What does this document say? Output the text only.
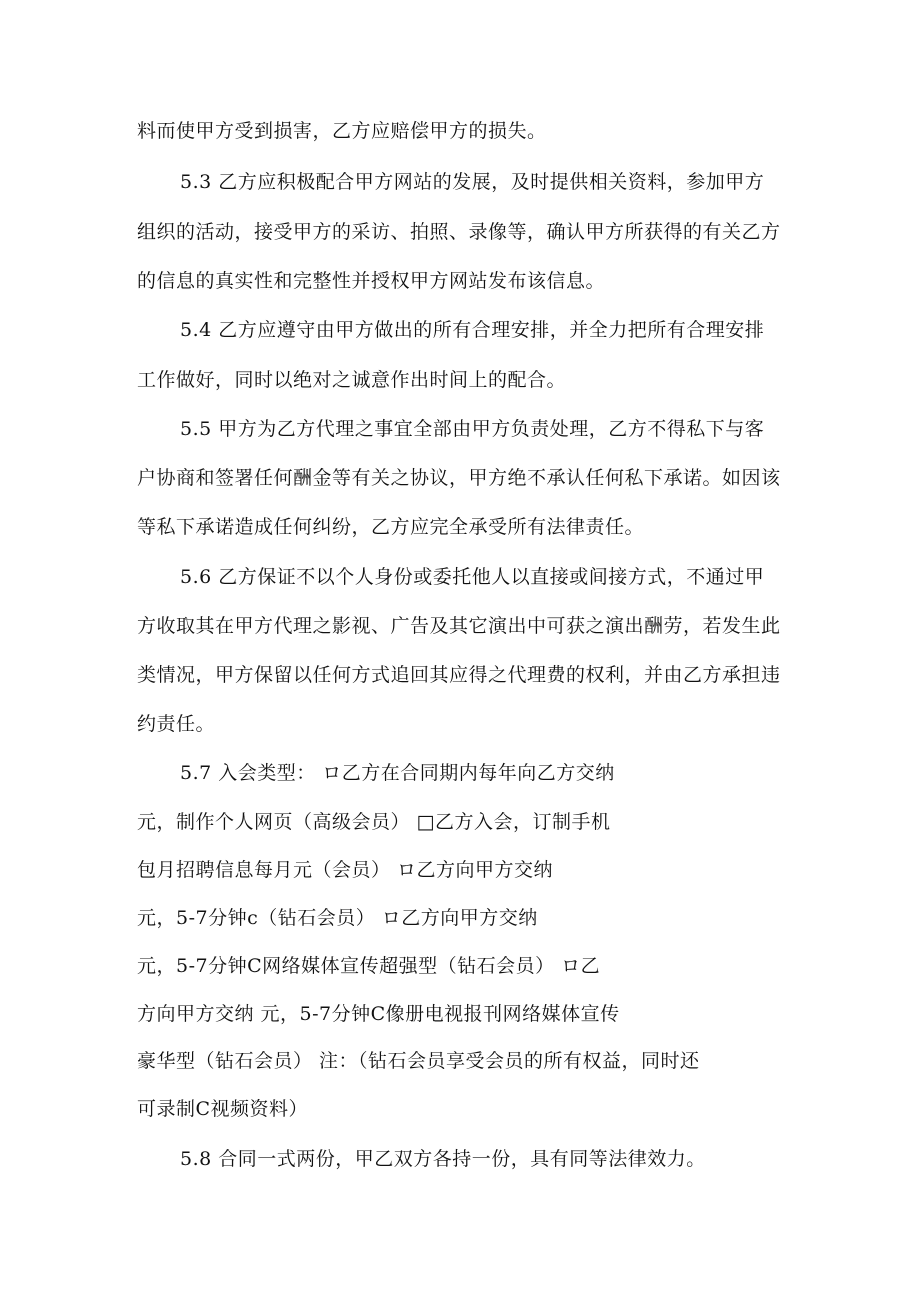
料而使甲方受到损害，乙方应赔偿甲方的损失。
5.3 乙方应积极配合甲方网站的发展，及时提供相关资料，参加甲方
组织的活动，接受甲方的采访、拍照、录像等，确认甲方所获得的有关乙方
的信息的真实性和完整性并授权甲方网站发布该信息。
5.4 乙方应遵守由甲方做出的所有合理安排，并全力把所有合理安排
工作做好，同时以绝对之诚意作出时间上的配合。
5.5 甲方为乙方代理之事宜全部由甲方负责处理，乙方不得私下与客
户协商和签署任何酬金等有关之协议，甲方绝不承认任何私下承诺。如因该
等私下承诺造成任何纠纷，乙方应完全承受所有法律责任。
5.6 乙方保证不以个人身份或委托他人以直接或间接方式，不通过甲
方收取其在甲方代理之影视、广告及其它演出中可获之演出酬劳，若发生此
类情况，甲方保留以任何方式追回其应得之代理费的权利，并由乙方承担违
约责任。
5.7 入会类型： ロ乙方在合同期内每年向乙方交纳
元，制作个人网页（高级会员） □乙方入会，订制手机
包月招聘信息每月元（会员） ロ乙方向甲方交纳
元，5-7分钟c（钻石会员） ロ乙方向甲方交纳
元，5-7分钟C网络媒体宣传超强型（钻石会员） ロ乙
方向甲方交纳 元，5-7分钟C像册电视报刊网络媒体宣传
豪华型（钻石会员） 注：（钻石会员享受会员的所有权益，同时还
可录制C视频资料）
5.8 合同一式两份，甲乙双方各持一份，具有同等法律效力。
